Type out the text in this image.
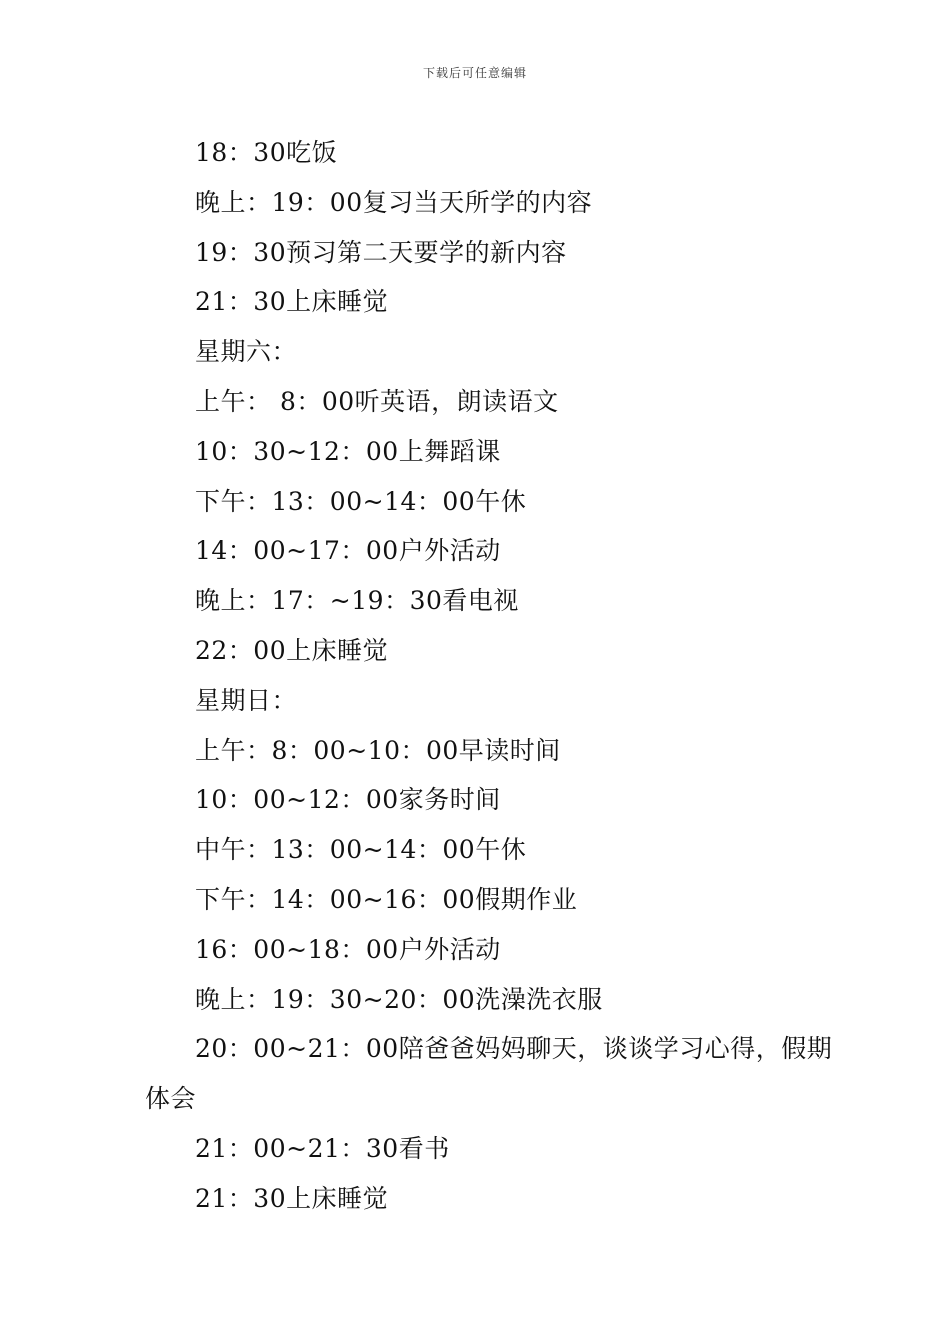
下载后可任意编辑
18：30吃饭
晚上：19：00复习当天所学的内容
19：30预习第二天要学的新内容
21：30上床睡觉
星期六：
上午： 8：00听英语，朗读语文
10：30~12：00上舞蹈课
下午：13：00~14：00午休
14：00~17：00户外活动
晚上：17：~19：30看电视
22：00上床睡觉
星期日：
上午：8：00~10：00早读时间
10：00~12：00家务时间
中午：13：00~14：00午休
下午：14：00~16：00假期作业
16：00~18：00户外活动
晚上：19：30~20：00洗澡洗衣服
20：00~21：00陪爸爸妈妈聊天，谈谈学习心得，假期
体会
21：00~21：30看书
21：30上床睡觉
